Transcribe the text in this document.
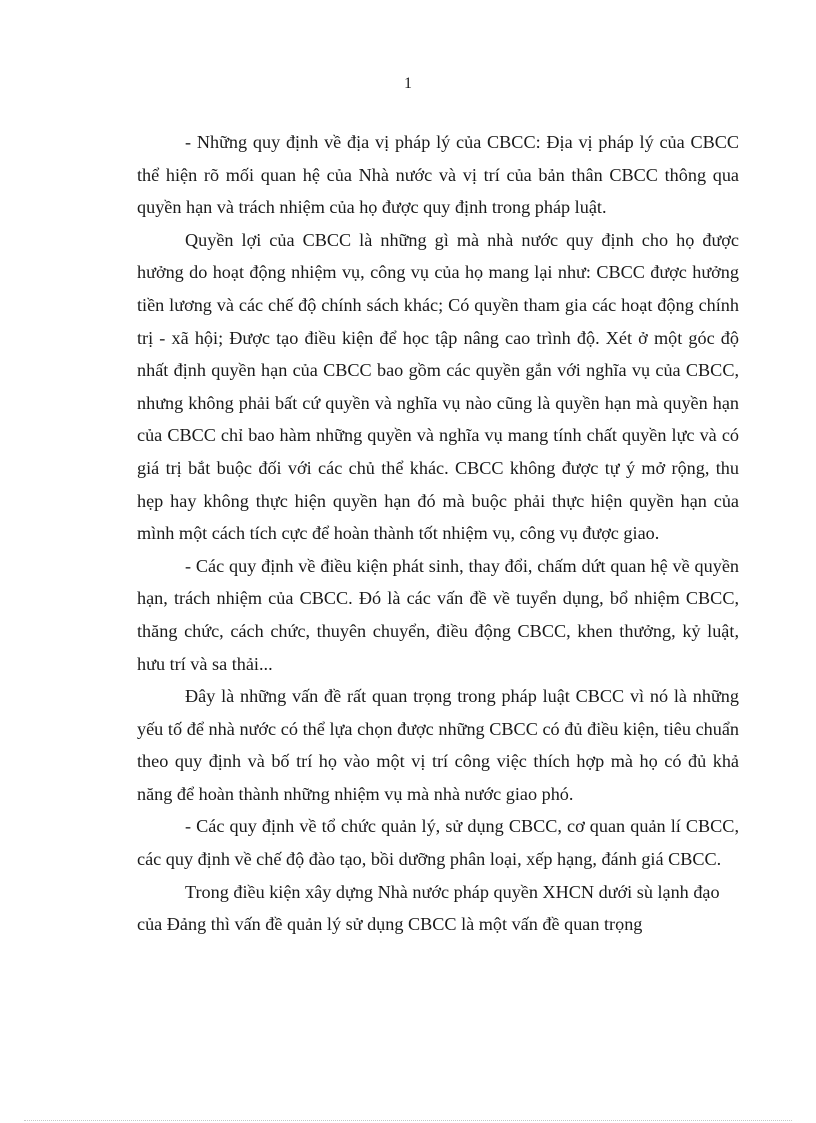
1

- Những quy định về địa vị pháp lý của CBCC: Địa vị pháp lý của CBCC thể hiện rõ mối quan hệ của Nhà nước và vị trí của bản thân CBCC thông qua quyền hạn và trách nhiệm của họ được quy định trong pháp luật.

Quyền lợi của CBCC là những gì mà nhà nước quy định cho họ được hưởng do hoạt động nhiệm vụ, công vụ của họ mang lại như: CBCC được hưởng tiền lương và các chế độ chính sách khác; Có quyền tham gia các hoạt động chính trị - xã hội; Được tạo điều kiện để học tập nâng cao trình độ. Xét ở một góc độ nhất định quyền hạn của CBCC bao gồm các quyền gắn với nghĩa vụ của CBCC, nhưng không phải bất cứ quyền và nghĩa vụ nào cũng là quyền hạn mà quyền hạn của CBCC chỉ bao hàm những quyền và nghĩa vụ mang tính chất quyền lực và có giá trị bắt buộc đối với các chủ thể khác. CBCC không được tự ý mở rộng, thu hẹp hay không thực hiện quyền hạn đó mà buộc phải thực hiện quyền hạn của mình một cách tích cực để hoàn thành tốt nhiệm vụ, công vụ được giao.

- Các quy định về điều kiện phát sinh, thay đổi, chấm dứt quan hệ về quyền hạn, trách nhiệm của CBCC. Đó là các vấn đề về tuyển dụng, bổ nhiệm CBCC, thăng chức, cách chức, thuyên chuyển, điều động CBCC, khen thưởng, kỷ luật, hưu trí và sa thải...

Đây là những vấn đề rất quan trọng trong pháp luật CBCC vì nó là những yếu tố để nhà nước có thể lựa chọn được những CBCC có đủ điều kiện, tiêu chuẩn theo quy định và bố trí họ vào một vị trí công việc thích hợp mà họ có đủ khả năng để hoàn thành những nhiệm vụ mà nhà nước giao phó.

- Các quy định về tổ chức quản lý, sử dụng CBCC, cơ quan quản lí CBCC, các quy định về chế độ đào tạo, bồi dưỡng phân loại, xếp hạng, đánh giá CBCC.

Trong điều kiện xây dựng Nhà nước pháp quyền XHCN dưới sù lạnh đạo của Đảng thì vấn đề quản lý sử dụng CBCC là một vấn đề quan trọng
